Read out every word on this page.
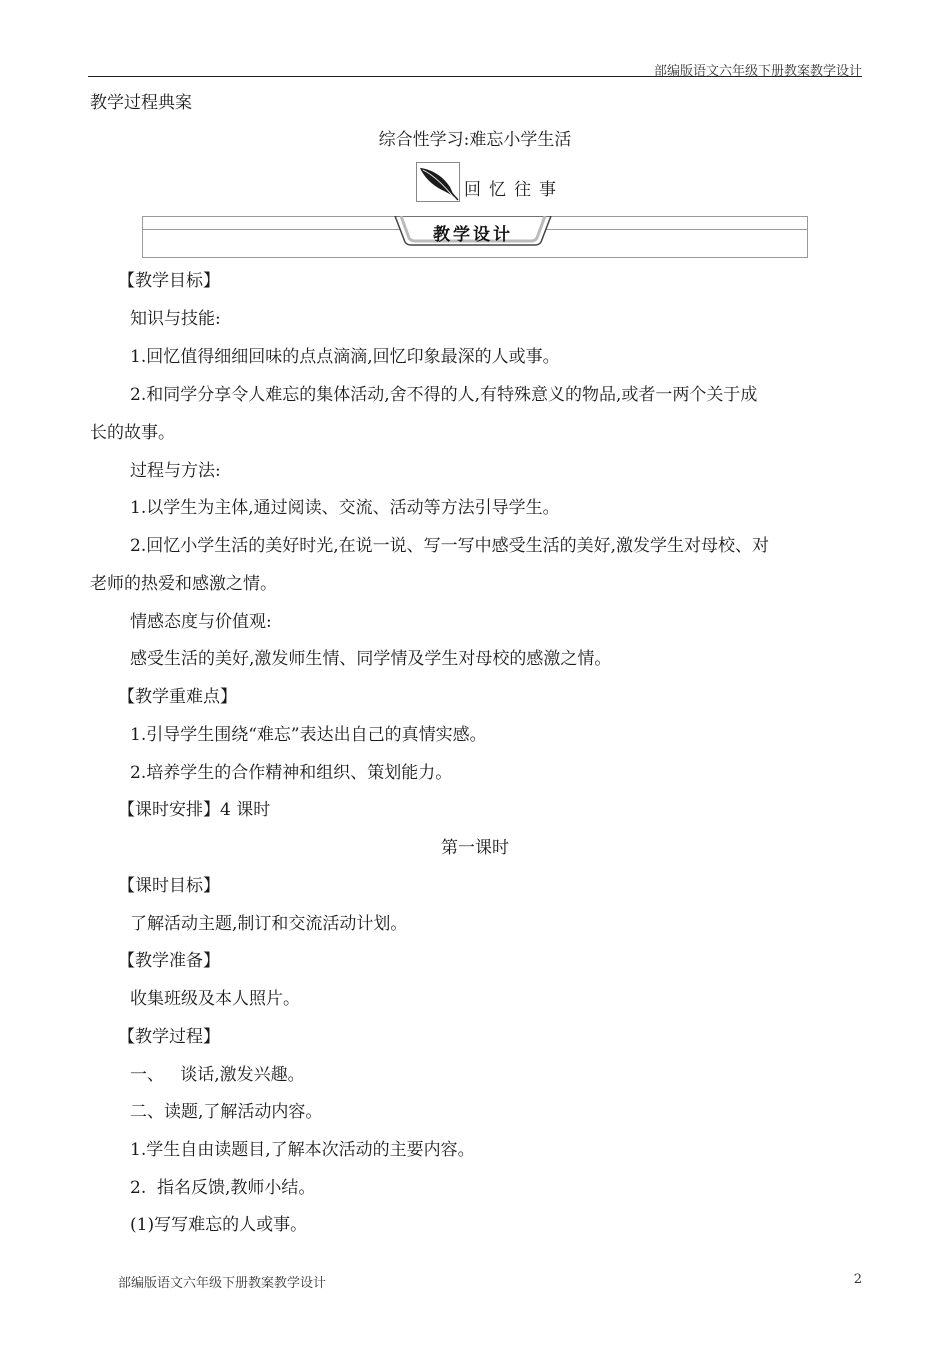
部编版语文六年级下册教案教学设计
教学过程典案
综合性学习:难忘小学生活
回忆往事
教学设计
【教学目标】
知识与技能:
1.回忆值得细细回味的点点滴滴,回忆印象最深的人或事。
2.和同学分享令人难忘的集体活动,舍不得的人,有特殊意义的物品,或者一两个关于成
长的故事。
过程与方法:
1.以学生为主体,通过阅读、交流、活动等方法引导学生。
2.回忆小学生活的美好时光,在说一说、写一写中感受生活的美好,激发学生对母校、对
老师的热爱和感激之情。
情感态度与价值观:
感受生活的美好,激发师生情、同学情及学生对母校的感激之情。
【教学重难点】
1.引导学生围绕“难忘”表达出自己的真情实感。
2.培养学生的合作精神和组织、策划能力。
【课时安排】4 课时
第一课时
【课时目标】
了解活动主题,制订和交流活动计划。
【教学准备】
收集班级及本人照片。
【教学过程】
一、   谈话,激发兴趣。
二、读题,了解活动内容。
1.学生自由读题目,了解本次活动的主要内容。
2.  指名反馈,教师小结。
(1)写写难忘的人或事。
部编版语文六年级下册教案教学设计	2
